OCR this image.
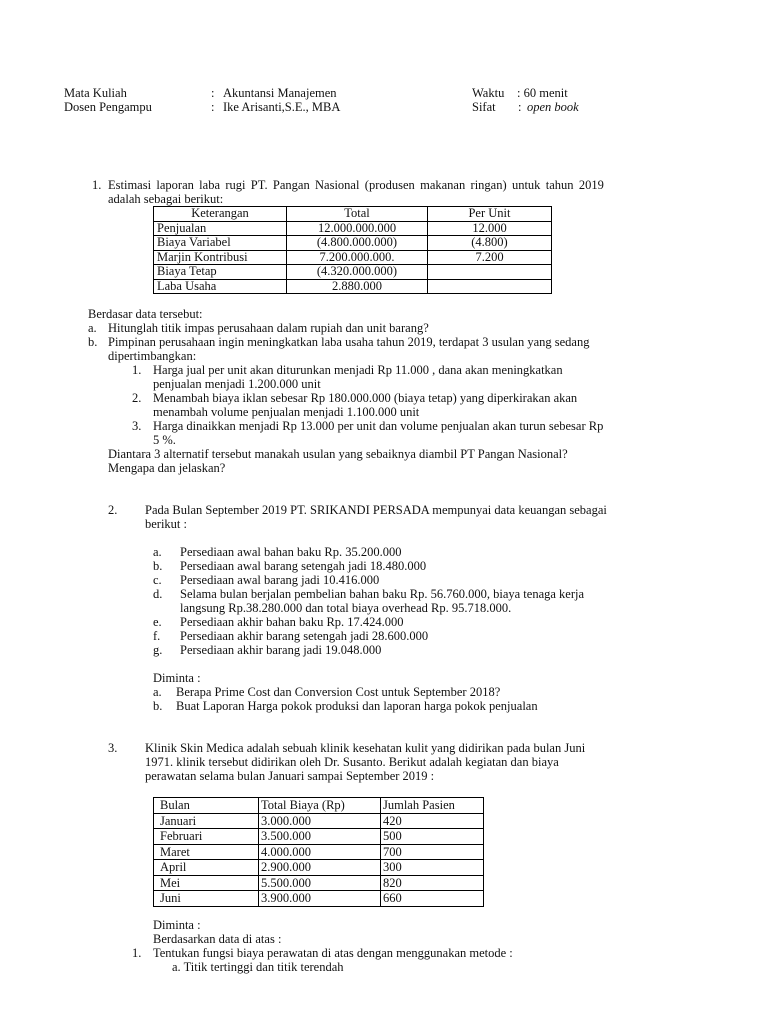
Mata Kuliah	: Akuntansi Manajemen
Dosen Pengampu	: Ike Arisanti,S.E., MBA
Waktu : 60 menit
Sifat : open book
1. Estimasi laporan laba rugi PT. Pangan Nasional (produsen makanan ringan) untuk tahun 2019
adalah sebagai berikut:
Keterangan	Total	Per Unit
Penjualan	12.000.000.000	12.000
Biaya Variabel	(4.800.000.000)	(4.800)
Marjin Kontribusi	7.200.000.000.	7.200
Biaya Tetap	(4.320.000.000)	
Laba Usaha	2.880.000	
Berdasar data tersebut:
a. Hitunglah titik impas perusahaan dalam rupiah dan unit barang?
b. Pimpinan perusahaan ingin meningkatkan laba usaha tahun 2019, terdapat 3 usulan yang sedang
dipertimbangkan:
1. Harga jual per unit akan diturunkan menjadi Rp 11.000 , dana akan meningkatkan
penjualan menjadi 1.200.000 unit
2. Menambah biaya iklan sebesar Rp 180.000.000 (biaya tetap) yang diperkirakan akan
menambah volume penjualan menjadi 1.100.000 unit
3. Harga dinaikkan menjadi Rp 13.000 per unit dan volume penjualan akan turun sebesar Rp
5 %.
Diantara 3 alternatif tersebut manakah usulan yang sebaiknya diambil PT Pangan Nasional?
Mengapa dan jelaskan?
2. Pada Bulan September 2019 PT. SRIKANDI PERSADA mempunyai data keuangan sebagai
berikut :
a. Persediaan awal bahan baku Rp. 35.200.000
b. Persediaan awal barang setengah jadi 18.480.000
c. Persediaan awal barang jadi 10.416.000
d. Selama bulan berjalan pembelian bahan baku Rp. 56.760.000, biaya tenaga kerja
langsung Rp.38.280.000 dan total biaya overhead Rp. 95.718.000.
e. Persediaan akhir bahan baku Rp. 17.424.000
f. Persediaan akhir barang setengah jadi 28.600.000
g. Persediaan akhir barang jadi 19.048.000
Diminta :
a. Berapa Prime Cost dan Conversion Cost untuk September 2018?
b. Buat Laporan Harga pokok produksi dan laporan harga pokok penjualan
3. Klinik Skin Medica adalah sebuah klinik kesehatan kulit yang didirikan pada bulan Juni
1971. klinik tersebut didirikan oleh Dr. Susanto. Berikut adalah kegiatan dan biaya
perawatan selama bulan Januari sampai September 2019 :
Bulan	Total Biaya (Rp)	Jumlah Pasien
Januari	3.000.000	420
Februari	3.500.000	500
Maret	4.000.000	700
April	2.900.000	300
Mei	5.500.000	820
Juni	3.900.000	660
Diminta :
Berdasarkan data di atas :
1. Tentukan fungsi biaya perawatan di atas dengan menggunakan metode :
a. Titik tertinggi dan titik terendah
